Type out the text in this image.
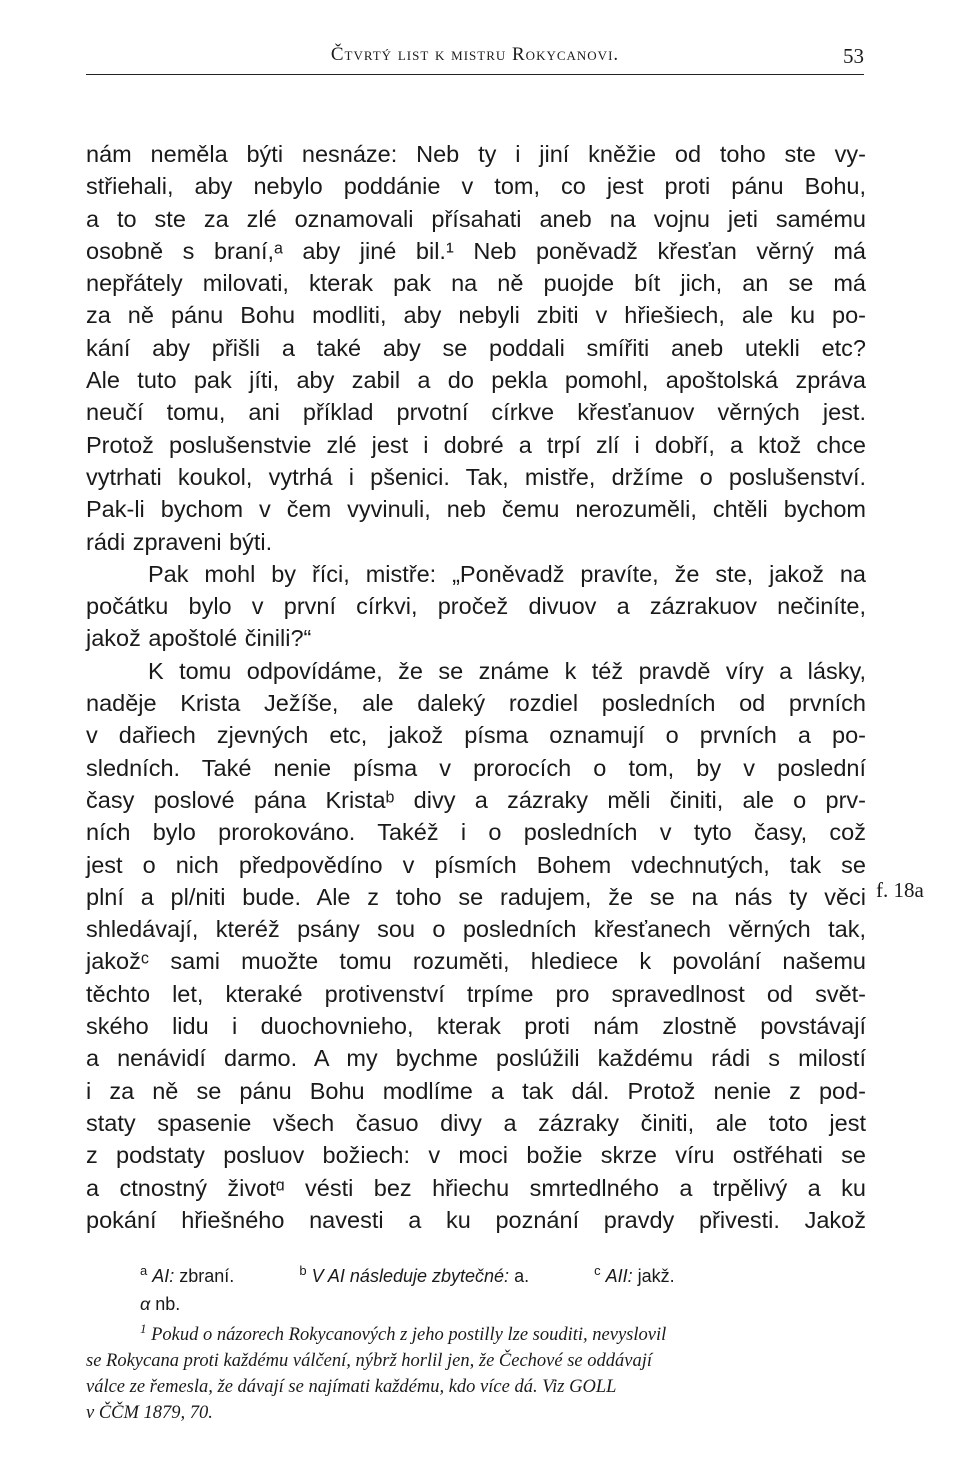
Čtvrtý list k mistru Rokycanovi.	53
nám neměla býti nesnáze: Neb ty i jiní kněžie od toho ste vy-
střiehali, aby nebylo poddánie v tom, co jest proti pánu Bohu,
a to ste za zlé oznamovali přísahati aneb na vojnu jeti samému
osobně s braní,ᵃ aby jiné bil.¹ Neb poněvadž křesťan věrný má
nepřátely milovati, kterak pak na ně puojde bít jich, an se má
za ně pánu Bohu modliti, aby nebyli zbiti v hřiešiech, ale ku po-
kání aby přišli a také aby se poddali smířiti aneb utekli etc?
Ale tuto pak jíti, aby zabil a do pekla pomohl, apoštolská zpráva
neučí tomu, ani příklad prvotní církve křesťanuov věrných jest.
Protož poslušenstvie zlé jest i dobré a trpí zlí i dobří, a ktož chce
vytrhati koukol, vytrhá i pšenici. Tak, mistře, držíme o poslušenství.
Pak-li bychom v čem vyvinuli, neb čemu nerozuměli, chtěli bychom
rádi zpraveni býti.
Pak mohl by říci, mistře: „Poněvadž pravíte, že ste, jakož na
počátku bylo v první církvi, pročež divuov a zázrakuov nečiníte,
jakož apoštolé činili?“
K tomu odpovídáme, že se známe k též pravdě víry a lásky,
naděje Krista Ježíše, ale daleký rozdiel posledních od prvních
v dařiech zjevných etc, jakož písma oznamují o prvních a po-
sledních. Také nenie písma v prorocích o tom, by v poslední
časy poslové pána Kristaᵇ divy a zázraky měli činiti, ale o prv-
ních bylo prorokováno. Takéž i o posledních v tyto časy, což
jest o nich předpovědíno v písmích Bohem vdechnutých, tak se
plní a pl/niti bude. Ale z toho se radujem, že se na nás ty věci
shledávají, kteréž psány sou o posledních křesťanech věrných tak,
jakožᶜ sami muožte tomu rozuměti, hlediece k povolání našemu
těchto let, kteraké protivenství trpíme pro spravedlnost od svět-
ského lidu i duochovnieho, kterak proti nám zlostně povstávají
a nenávidí darmo. A my bychme poslúžili každému rádi s milostí
i za ně se pánu Bohu modlíme a tak dál. Protož nenie z pod-
staty spasenie všech časuo divy a zázraky činiti, ale toto jest
z podstaty posluov božiech: v moci božie skrze víru ostřéhati se
a ctnostný životᵅ vésti bez hřiechu smrtedlného a trpělivý a ku
pokání hřiešného navesti a ku poznání pravdy přivesti. Jakož
f. 18a
$^a$ AI: zbraní.	$^b$ V AI následuje zbytečné: a.	$^c$ AII: jakž.
α nb.
$^1$ Pokud o názorech Rokycanových z jeho postilly lze souditi, nevyslovil
se Rokycana proti každému válčení, nýbrž horlil jen, že Čechové se oddávají
válce ze řemesla, že dávají se najímati každému, kdo více dá. Viz GOLL
v ČČM 1879, 70.
